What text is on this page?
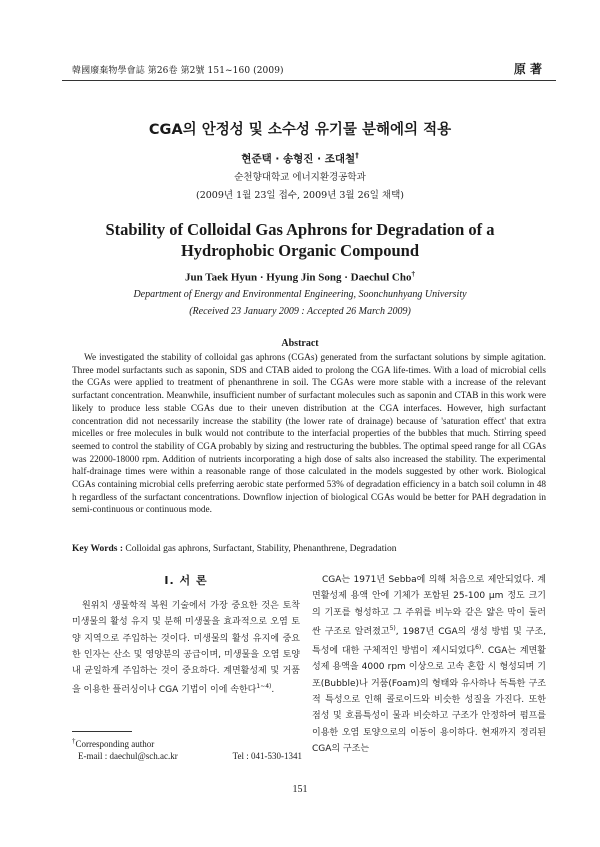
韓國廢棄物學會誌 第26卷 第2號 151~160 (2009)	原 著
CGA의 안정성 및 소수성 유기물 분해에의 적용
현준택 · 송형진 · 조대철†
순천향대학교 에너지환경공학과
(2009년 1월 23일 접수, 2009년 3월 26일 채택)
Stability of Colloidal Gas Aphrons for Degradation of a Hydrophobic Organic Compound
Jun Taek Hyun · Hyung Jin Song · Daechul Cho†
Department of Energy and Environmental Engineering, Soonchunhyang University
(Received 23 January 2009 : Accepted 26 March 2009)
Abstract
We investigated the stability of colloidal gas aphrons (CGAs) generated from the surfactant solutions by simple agitation. Three model surfactants such as saponin, SDS and CTAB aided to prolong the CGA life-times. With a load of microbial cells the CGAs were applied to treatment of phenanthrene in soil. The CGAs were more stable with a increase of the relevant surfactant concentration. Meanwhile, insufficient number of surfactant molecules such as saponin and CTAB in this work were likely to produce less stable CGAs due to their uneven distribution at the CGA interfaces. However, high surfactant concentration did not necessarily increase the stability (the lower rate of drainage) because of 'saturation effect' that extra micelles or free molecules in bulk would not contribute to the interfacial properties of the bubbles that much. Stirring speed seemed to control the stability of CGA probably by sizing and restructuring the bubbles. The optimal speed range for all CGAs was 22000-18000 rpm. Addition of nutrients incorporating a high dose of salts also increased the stability. The experimental half-drainage times were within a reasonable range of those calculated in the models suggested by other work. Biological CGAs containing microbial cells preferring aerobic state performed 53% of degradation efficiency in a batch soil column in 48 h regardless of the surfactant concentrations. Downflow injection of biological CGAs would be better for PAH degradation in semi-continuous or continuous mode.
Key Words : Colloidal gas aphrons, Surfactant, Stability, Phenanthrene, Degradation
I. 서 론

원위치 생물학적 복원 기술에서 가장 중요한 것은 토착 미생물의 활성 유지 및 분해 미생물을 효과적으로 오염 토양 지역으로 주입하는 것이다. 미생물의 활성 유지에 중요한 인자는 산소 및 영양분의 공급이며, 미생물을 오염 토양 내 균일하게 주입하는 것이 중요하다. 계면활성제 및 거품을 이용한 플러싱이나 CGA 기법이 이에 속한다$^{1\sim 4)}$.

CGA는 1971년 Sebba에 의해 처음으로 제안되었다. 계면활성제 용액 안에 기체가 포함된 25-100 μm 정도 크기의 기포를 형성하고 그 주위를 비누와 같은 얇은 막이 둘러싼 구조로 알려졌고$^{5)}$, 1987년 CGA의 생성 방법 및 구조, 특성에 대한 구체적인 방법이 제시되었다$^{6)}$. CGA는 계면활성제 용액을 4000 rpm 이상으로 고속 혼합 시 형성되며 기포(Bubble)나 거품(Foam)의 형태와 유사하나 독특한 구조적 특성으로 인해 콜로이드와 비슷한 성질을 가진다. 또한 점성 및 흐름특성이 물과 비슷하고 구조가 안정하여 펌프를 이용한 오염 토양으로의 이동이 용이하다. 현재까지 정리된 CGA의 구조는

†Corresponding author
E-mail : daechul@sch.ac.kr	Tel : 041-530-1341
151
